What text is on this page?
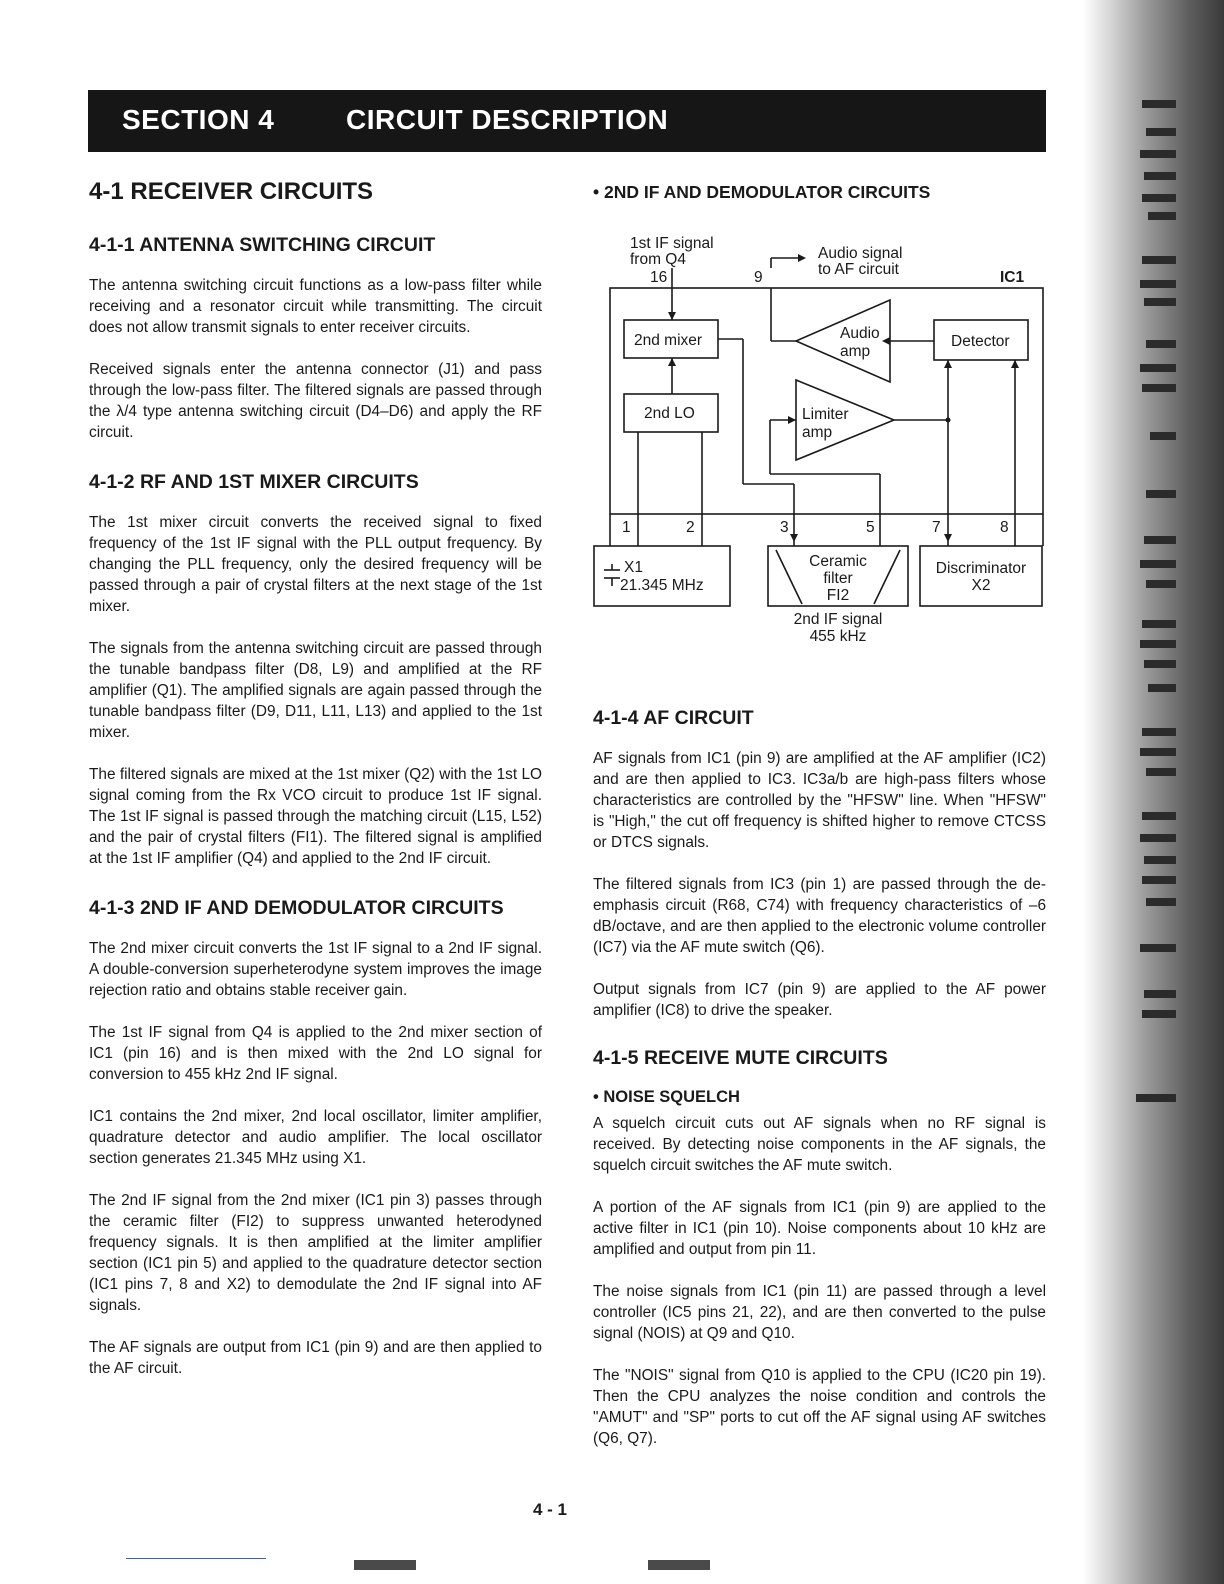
SECTION 4	CIRCUIT DESCRIPTION
4-1 RECEIVER CIRCUITS
4-1-1 ANTENNA SWITCHING CIRCUIT

The antenna switching circuit functions as a low-pass filter while receiving and a resonator circuit while transmitting. The circuit does not allow transmit signals to enter receiver circuits.

Received signals enter the antenna connector (J1) and pass through the low-pass filter. The filtered signals are passed through the λ/4 type antenna switching circuit (D4–D6) and apply the RF circuit.

4-1-2 RF AND 1ST MIXER CIRCUITS

The 1st mixer circuit converts the received signal to fixed frequency of the 1st IF signal with the PLL output frequency. By changing the PLL frequency, only the desired frequency will be passed through a pair of crystal filters at the next stage of the 1st mixer.

The signals from the antenna switching circuit are passed through the tunable bandpass filter (D8, L9) and amplified at the RF amplifier (Q1). The amplified signals are again passed through the tunable bandpass filter (D9, D11, L11, L13) and applied to the 1st mixer.

The filtered signals are mixed at the 1st mixer (Q2) with the 1st LO signal coming from the Rx VCO circuit to produce 1st IF signal. The 1st IF signal is passed through the matching circuit (L15, L52) and the pair of crystal filters (FI1). The filtered signal is amplified at the 1st IF amplifier (Q4) and applied to the 2nd IF circuit.

4-1-3 2ND IF AND DEMODULATOR CIRCUITS

The 2nd mixer circuit converts the 1st IF signal to a 2nd IF signal. A double-conversion superheterodyne system improves the image rejection ratio and obtains stable receiver gain.

The 1st IF signal from Q4 is applied to the 2nd mixer section of IC1 (pin 16) and is then mixed with the 2nd LO signal for conversion to 455 kHz 2nd IF signal.

IC1 contains the 2nd mixer, 2nd local oscillator, limiter amplifier, quadrature detector and audio amplifier. The local oscillator section generates 21.345 MHz using X1.

The 2nd IF signal from the 2nd mixer (IC1 pin 3) passes through the ceramic filter (FI2) to suppress unwanted heterodyned frequency signals. It is then amplified at the limiter amplifier section (IC1 pin 5) and applied to the quadrature detector section (IC1 pins 7, 8 and X2) to demodulate the 2nd IF signal into AF signals.

The AF signals are output from IC1 (pin 9) and are then applied to the AF circuit.

• 2ND IF AND DEMODULATOR CIRCUITS
4-1-4 AF CIRCUIT

AF signals from IC1 (pin 9) are amplified at the AF amplifier (IC2) and are then applied to IC3. IC3a/b are high-pass filters whose characteristics are controlled by the "HFSW" line. When "HFSW" is "High," the cut off frequency is shifted higher to remove CTCSS or DTCS signals.

The filtered signals from IC3 (pin 1) are passed through the de-emphasis circuit (R68, C74) with frequency characteristics of –6 dB/octave, and are then applied to the electronic volume controller (IC7) via the AF mute switch (Q6).

Output signals from IC7 (pin 9) are applied to the AF power amplifier (IC8) to drive the speaker.

4-1-5 RECEIVE MUTE CIRCUITS
• NOISE SQUELCH

A squelch circuit cuts out AF signals when no RF signal is received. By detecting noise components in the AF signals, the squelch circuit switches the AF mute switch.

A portion of the AF signals from IC1 (pin 9) are applied to the active filter in IC1 (pin 10). Noise components about 10 kHz are amplified and output from pin 11.

The noise signals from IC1 (pin 11) are passed through a level controller (IC5 pins 21, 22), and are then converted to the pulse signal (NOIS) at Q9 and Q10.

The "NOIS" signal from Q10 is applied to the CPU (IC20 pin 19). Then the CPU analyzes the noise condition and controls the "AMUT" and "SP" ports to cut off the AF signal using AF switches (Q6, Q7).

1st IF signal
from Q4	Audio signal
to AF circuit	IC1
16	9
2nd mixer
2nd LO
Audio
amp
Limiter
amp
Detector
1	2	3	5	7	8
X1
21.345 MHz
Ceramic
filter
FI2
Discriminator
X2
2nd IF signal
455 kHz
4 - 1
